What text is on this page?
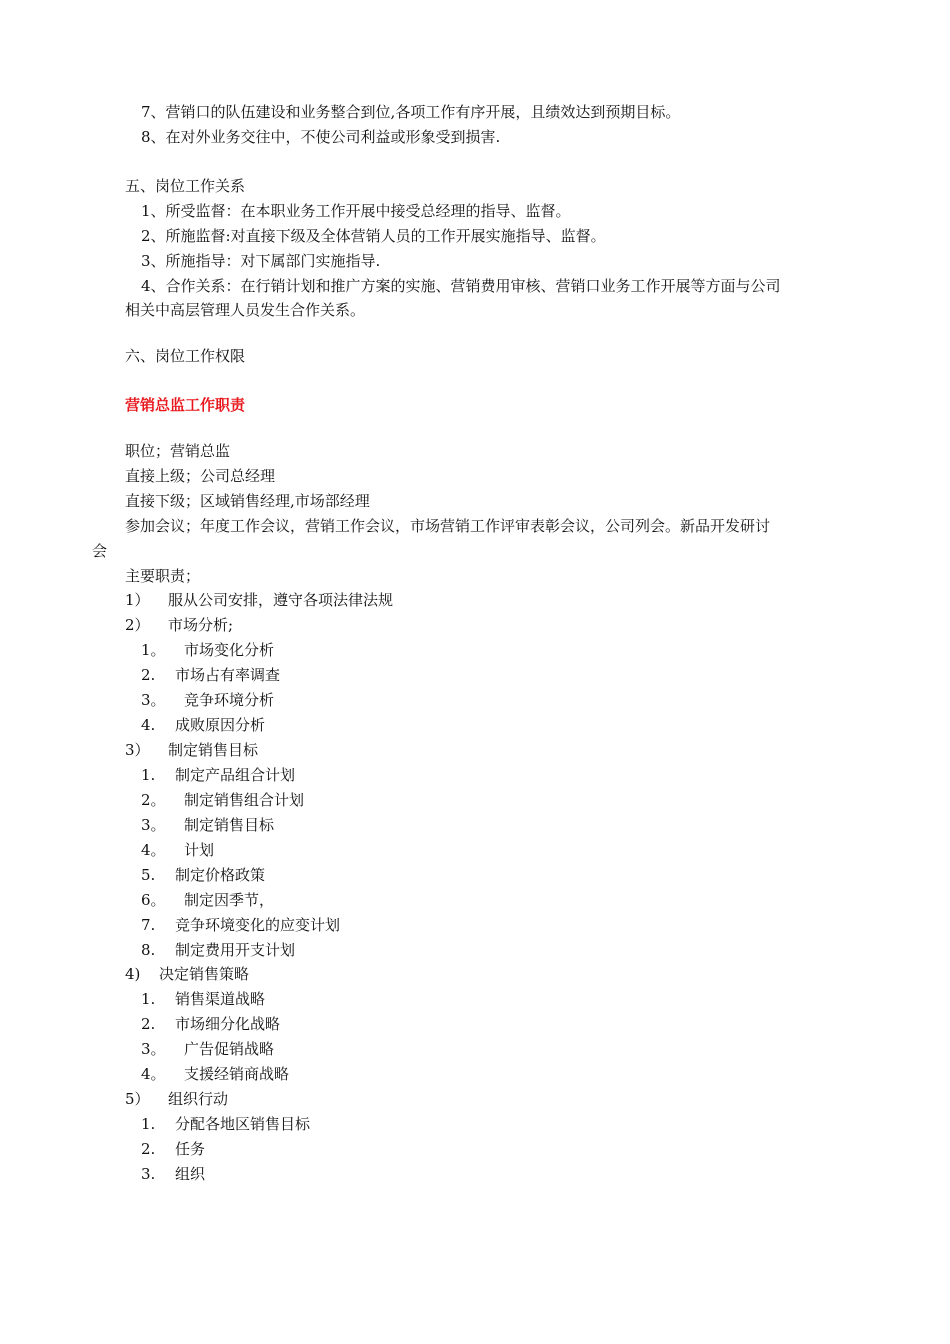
7、营销口的队伍建设和业务整合到位,各项工作有序开展，且绩效达到预期目标。

8、在对外业务交往中，不使公司利益或形象受到损害.

五、岗位工作关系

1、所受监督：在本职业务工作开展中接受总经理的指导、监督。

2、所施监督:对直接下级及全体营销人员的工作开展实施指导、监督。

3、所施指导：对下属部门实施指导.

4、合作关系：在行销计划和推广方案的实施、营销费用审核、营销口业务工作开展等方面与公司

相关中高层管理人员发生合作关系。

六、岗位工作权限

营销总监工作职责

职位；营销总监

直接上级；公司总经理

直接下级；区域销售经理,市场部经理

参加会议；年度工作会议，营销工作会议，市场营销工作评审表彰会议，公司列会。新品开发研讨

会

主要职责；

1） 服从公司安排，遵守各项法律法规

2） 市场分析;

1。 市场变化分析

2. 市场占有率调查

3。 竞争环境分析

4. 成败原因分析

3） 制定销售目标

1. 制定产品组合计划

2。 制定销售组合计划

3。 制定销售目标

4。 计划

5. 制定价格政策

6。 制定因季节，

7. 竞争环境变化的应变计划

8. 制定费用开支计划

4) 决定销售策略

1. 销售渠道战略

2. 市场细分化战略

3。 广告促销战略

4。 支援经销商战略

5） 组织行动

1. 分配各地区销售目标

2. 任务

3. 组织
